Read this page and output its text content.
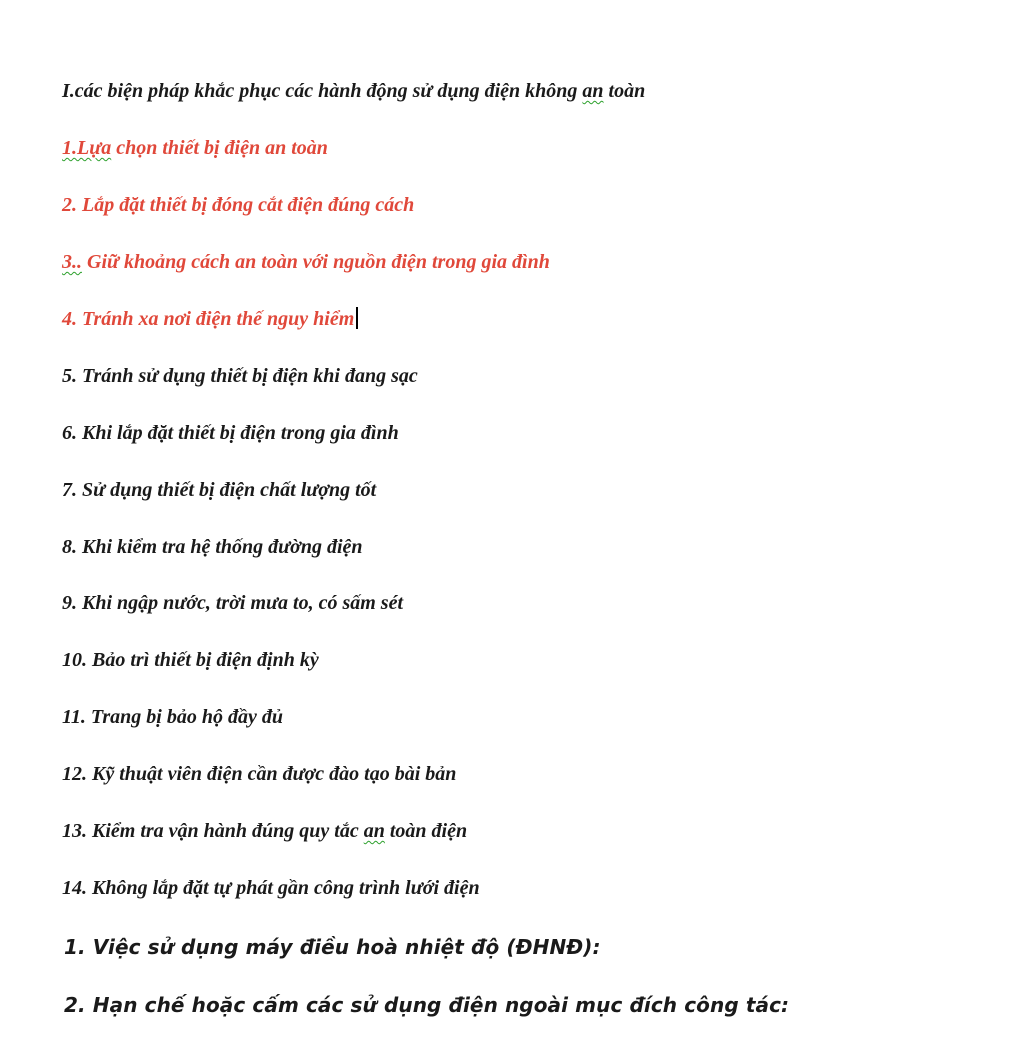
I.các biện pháp khắc phục các hành động sử dụng điện không an toàn
1.Lựa chọn thiết bị điện an toàn
2. Lắp đặt thiết bị đóng cắt điện đúng cách
3.. Giữ khoảng cách an toàn với nguồn điện trong gia đình
4. Tránh xa nơi điện thế nguy hiểm
5. Tránh sử dụng thiết bị điện khi đang sạc
6. Khi lắp đặt thiết bị điện trong gia đình
7. Sử dụng thiết bị điện chất lượng tốt
8. Khi kiểm tra hệ thống đường điện
9. Khi ngập nước, trời mưa to, có sấm sét
10. Bảo trì thiết bị điện định kỳ
11. Trang bị bảo hộ đầy đủ
12. Kỹ thuật viên điện cần được đào tạo bài bản
13. Kiểm tra vận hành đúng quy tắc an toàn điện
14. Không lắp đặt tự phát gần công trình lưới điện
1. Việc sử dụng máy điều hoà nhiệt độ (ĐHNĐ):
2. Hạn chế hoặc cấm các sử dụng điện ngoài mục đích công tác:
